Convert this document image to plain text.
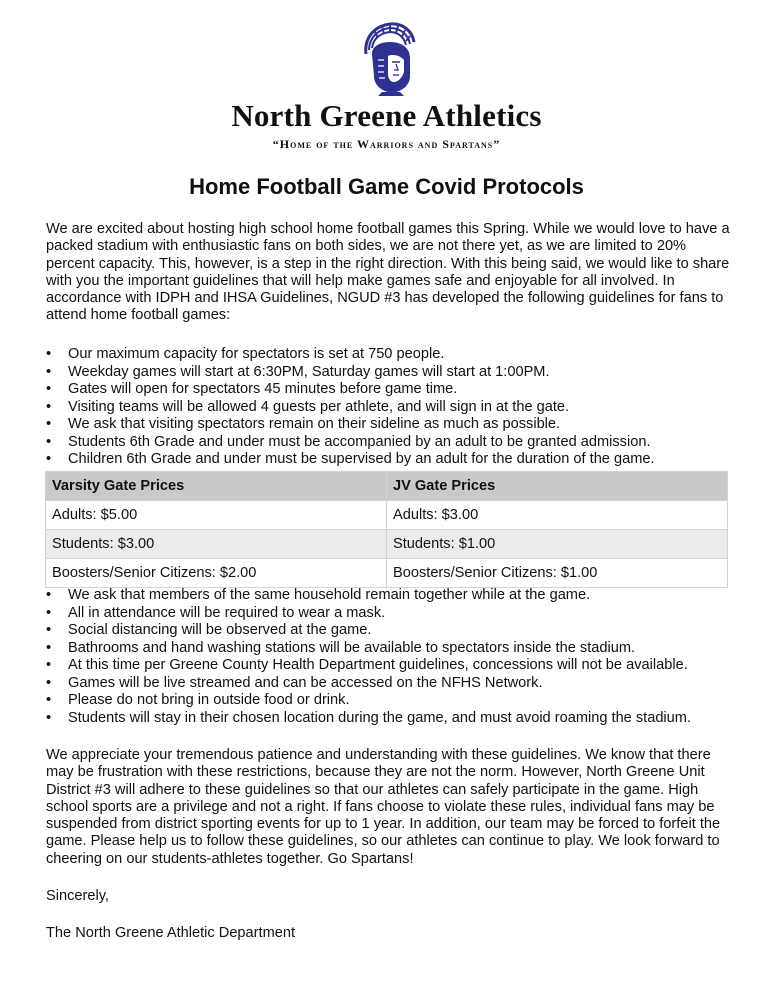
North Greene Athletics
“Home of the Warriors and Spartans”
Home Football Game Covid Protocols

We are excited about hosting high school home football games this Spring. While we would love to have a packed stadium with enthusiastic fans on both sides, we are not there yet, as we are limited to 20% percent capacity. This, however, is a step in the right direction. With this being said, we would like to share with you the important guidelines that will help make games safe and enjoyable for all involved. In accordance with IDPH and IHSA Guidelines, NGUD #3 has developed the following guidelines for fans to attend home football games:

• Our maximum capacity for spectators is set at 750 people.
• Weekday games will start at 6:30PM, Saturday games will start at 1:00PM.
• Gates will open for spectators 45 minutes before game time.
• Visiting teams will be allowed 4 guests per athlete, and will sign in at the gate.
• We ask that visiting spectators remain on their sideline as much as possible.
• Students 6th Grade and under must be accompanied by an adult to be granted admission.
• Children 6th Grade and under must be supervised by an adult for the duration of the game.
Varsity Gate Prices	JV Gate Prices
Adults: $5.00	Adults: $3.00
Students: $3.00	Students: $1.00
Boosters/Senior Citizens: $2.00	Boosters/Senior Citizens: $1.00
• We ask that members of the same household remain together while at the game.
• All in attendance will be required to wear a mask.
• Social distancing will be observed at the game.
• Bathrooms and hand washing stations will be available to spectators inside the stadium.
• At this time per Greene County Health Department guidelines, concessions will not be available.
• Games will be live streamed and can be accessed on the NFHS Network.
• Please do not bring in outside food or drink.
• Students will stay in their chosen location during the game, and must avoid roaming the stadium.

We appreciate your tremendous patience and understanding with these guidelines. We know that there may be frustration with these restrictions, because they are not the norm. However, North Greene Unit District #3 will adhere to these guidelines so that our athletes can safely participate in the game. High school sports are a privilege and not a right. If fans choose to violate these rules, individual fans may be suspended from district sporting events for up to 1 year. In addition, our team may be forced to forfeit the game. Please help us to follow these guidelines, so our athletes can continue to play. We look forward to cheering on our students-athletes together. Go Spartans!

Sincerely,

The North Greene Athletic Department
